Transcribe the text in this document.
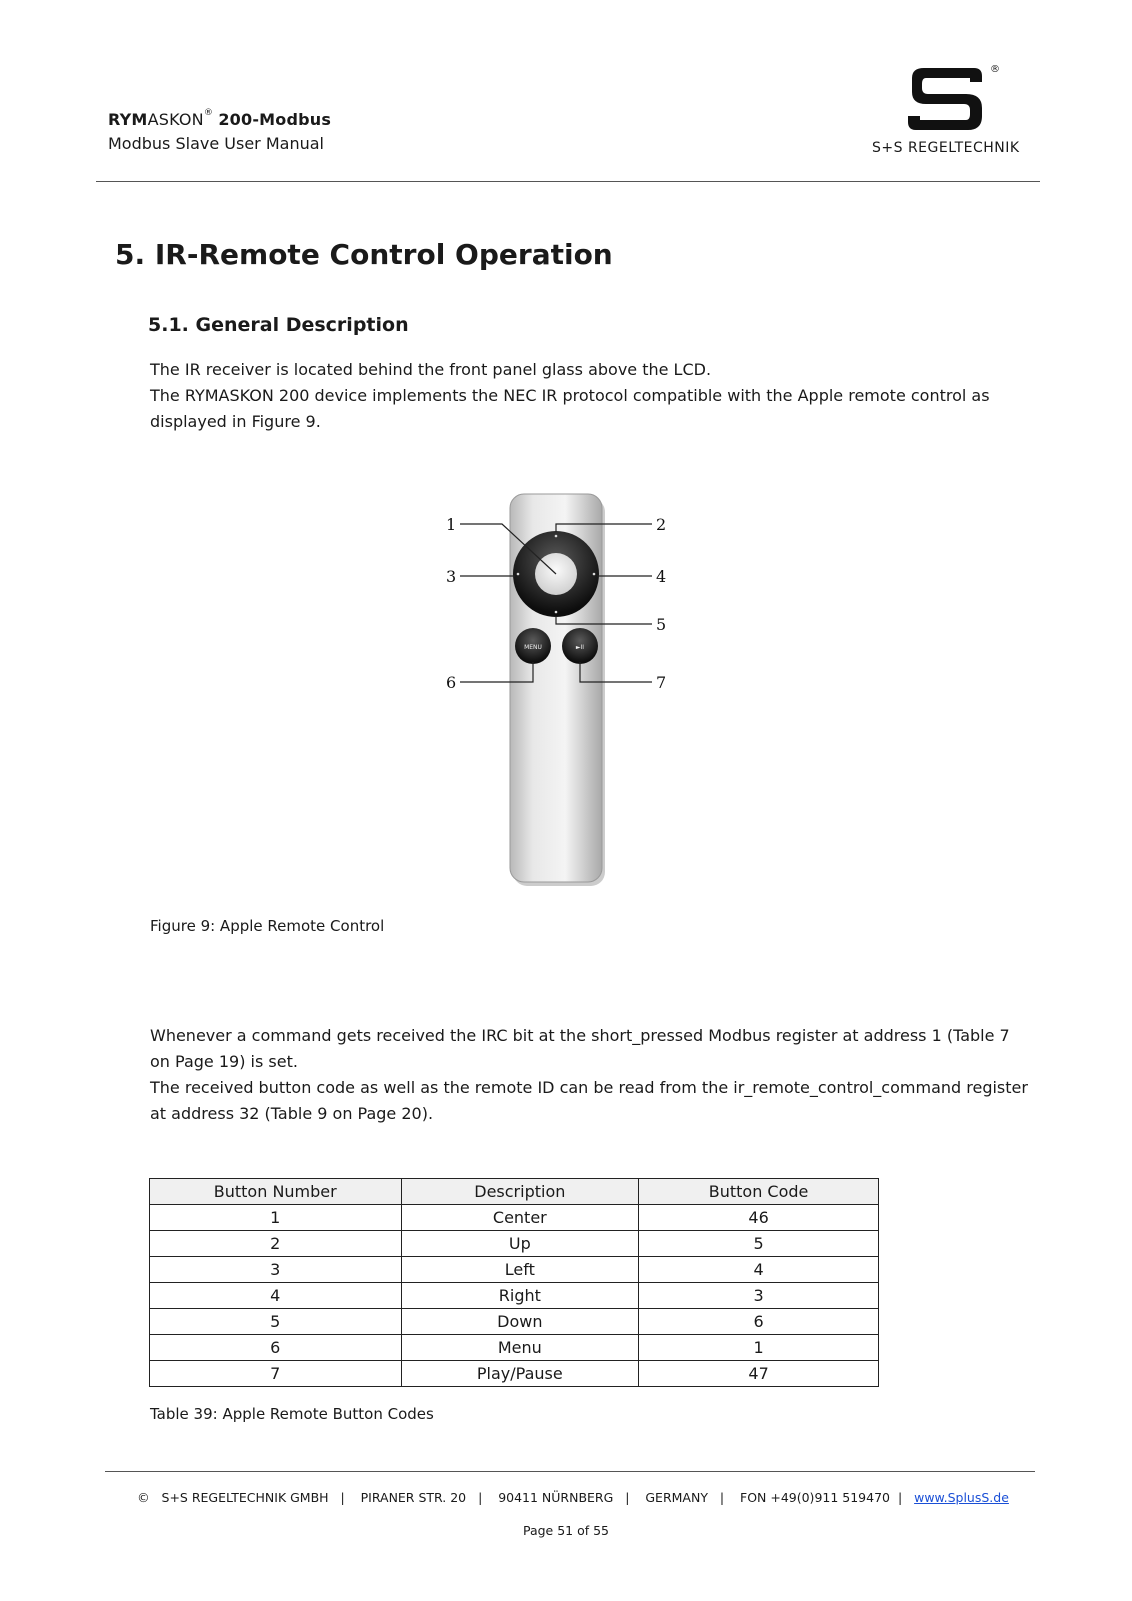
RYMASKON® 200-Modbus
Modbus Slave User Manual
®
S+S REGELTECHNIK
5. IR-Remote Control Operation
5.1. General Description
The IR receiver is located behind the front panel glass above the LCD.
The RYMASKON 200 device implements the NEC IR protocol compatible with the Apple remote control as displayed in Figure 9.
MENU	►II
1	2
3	4
5
6	7
Figure 9: Apple Remote Control
Whenever a command gets received the IRC bit at the short_pressed Modbus register at address 1 (Table 7 on Page 19) is set.
The received button code as well as the remote ID can be read from the ir_remote_control_command register at address 32 (Table 9 on Page 20).
Button Number	Description	Button Code
1	Center	46
2	Up	5
3	Left	4
4	Right	3
5	Down	6
6	Menu	1
7	Play/Pause	47
Table 39: Apple Remote Button Codes
© S+S REGELTECHNIK GMBH | PIRANER STR. 20 | 90411 NÜRNBERG | GERMANY | FON +49(0)911 519470 | www.SplusS.de
Page 51 of 55
